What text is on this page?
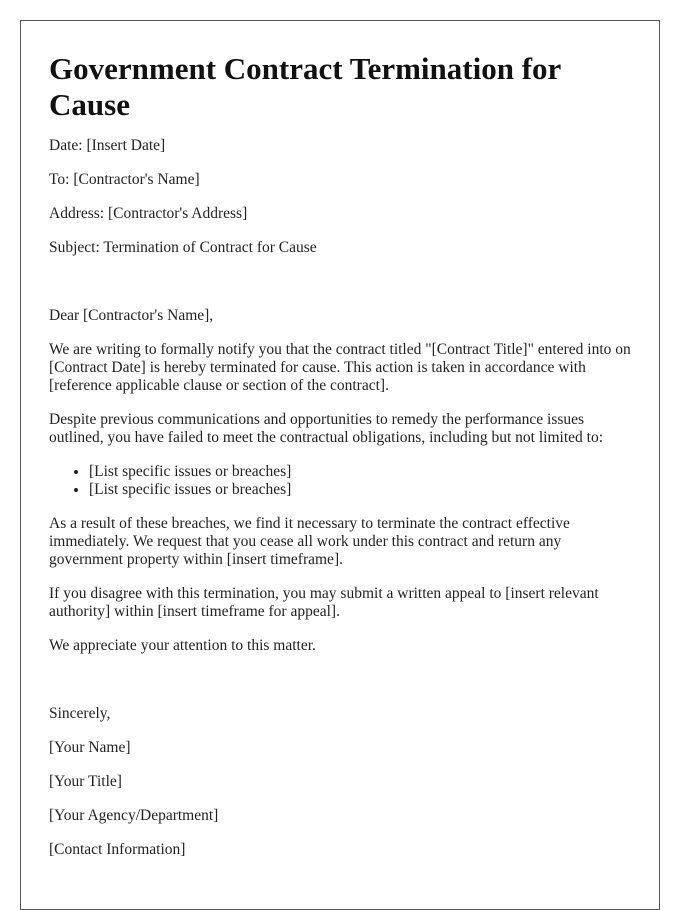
Government Contract Termination for Cause

Date: [Insert Date]

To: [Contractor's Name]

Address: [Contractor's Address]

Subject: Termination of Contract for Cause

Dear [Contractor's Name],

We are writing to formally notify you that the contract titled "[Contract Title]" entered into on [Contract Date] is hereby terminated for cause. This action is taken in accordance with [reference applicable clause or section of the contract].

Despite previous communications and opportunities to remedy the performance issues outlined, you have failed to meet the contractual obligations, including but not limited to:

• [List specific issues or breaches]
• [List specific issues or breaches]

As a result of these breaches, we find it necessary to terminate the contract effective immediately. We request that you cease all work under this contract and return any government property within [insert timeframe].

If you disagree with this termination, you may submit a written appeal to [insert relevant authority] within [insert timeframe for appeal].

We appreciate your attention to this matter.

Sincerely,

[Your Name]

[Your Title]

[Your Agency/Department]

[Contact Information]
